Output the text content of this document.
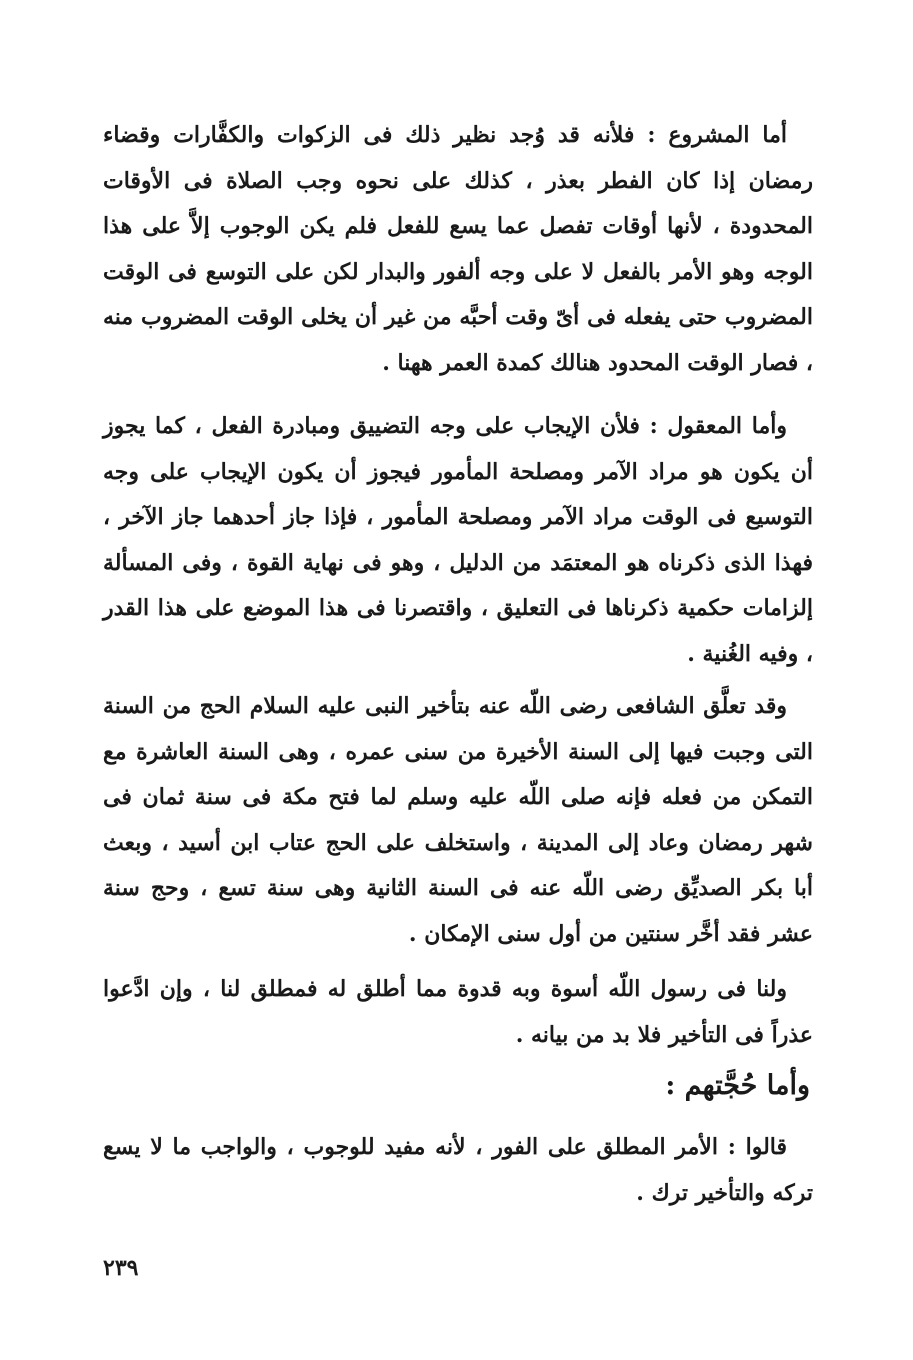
أما المشروع : فلأنه قد وُجد نظير ذلك فى الزكوات والكفَّارات وقضاء رمضان إذا كان الفطر بعذر ، كذلك على نحوه وجب الصلاة فى الأوقات المحدودة ، لأنها أوقات تفصل عما يسع للفعل فلم يكن الوجوب إلاَّ على هذا الوجه وهو الأمر بالفعل لا على وجه ألفور والبدار لكن على التوسع فى الوقت المضروب حتى يفعله فى أىّ وقت أحبَّه من غير أن يخلى الوقت المضروب منه ، فصار الوقت المحدود هنالك كمدة العمر ههنا .

وأما المعقول : فلأن الإيجاب على وجه التضييق ومبادرة الفعل ، كما يجوز أن يكون هو مراد الآمر ومصلحة المأمور فيجوز أن يكون الإيجاب على وجه التوسيع فى الوقت مراد الآمر ومصلحة المأمور ، فإذا جاز أحدهما جاز الآخر ، فهذا الذى ذكرناه هو المعتمَد من الدليل ، وهو فى نهاية القوة ، وفى المسألة إلزامات حكمية ذكرناها فى التعليق ، واقتصرنا فى هذا الموضع على هذا القدر ، وفيه الغُنية .

وقد تعلَّق الشافعى رضى اللّه عنه بتأخير النبى عليه السلام الحج من السنة التى وجبت فيها إلى السنة الأخيرة من سنى عمره ، وهى السنة العاشرة مع التمكن من فعله فإنه صلى اللّه عليه وسلم لما فتح مكة فى سنة ثمان فى شهر رمضان وعاد إلى المدينة ، واستخلف على الحج عتاب ابن أسيد ، وبعث أبا بكر الصديِّق رضى اللّه عنه فى السنة الثانية وهى سنة تسع ، وحج سنة عشر فقد أخَّر سنتين من أول سنى الإمكان .

ولنا فى رسول اللّه أسوة وبه قدوة مما أطلق له فمطلق لنا ، وإن ادَّعوا عذراً فى التأخير فلا بد من بيانه .

وأما حُجَّتهم :

قالوا : الأمر المطلق على الفور ، لأنه مفيد للوجوب ، والواجب ما لا يسع تركه والتأخير ترك .

٢٣٩
